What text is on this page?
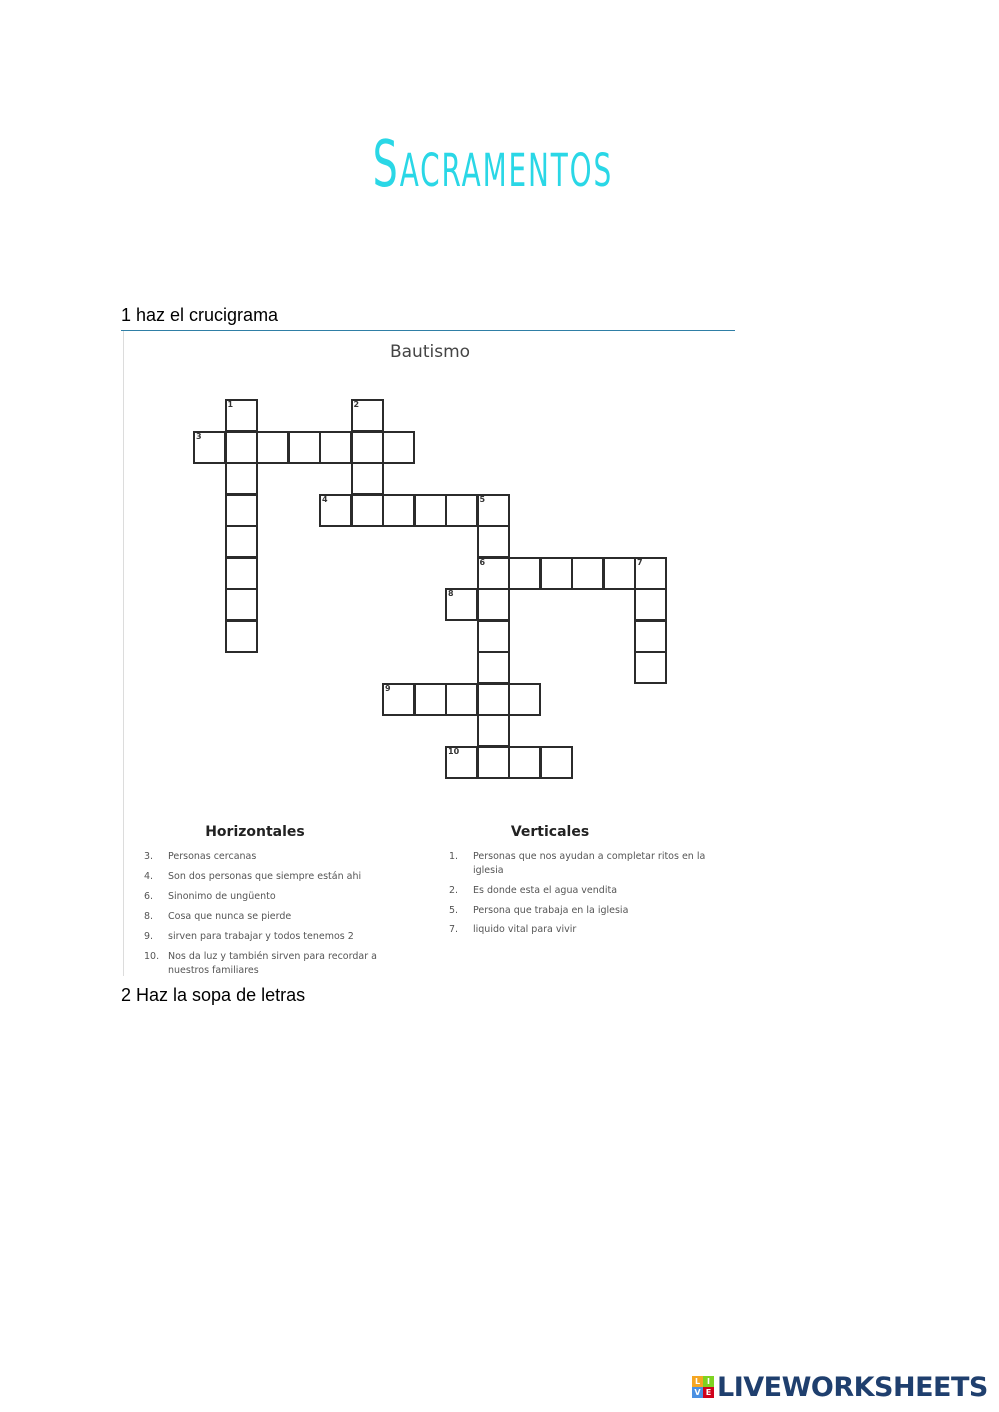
Sacramentos
1 haz el crucigrama
Bautismo
1	2
3
4	5
6	7
8
9
10
Horizontales	Verticales
3. Personas cercanas
4. Son dos personas que siempre están ahi
6. Sinonimo de ungüento
8. Cosa que nunca se pierde
9. sirven para trabajar y todos tenemos 2
10. Nos da luz y también sirven para recordar a nuestros familiares
1. Personas que nos ayudan a completar ritos en la iglesia
2. Es donde esta el agua vendita
5. Persona que trabaja en la iglesia
7. liquido vital para vivir
2 Haz la sopa de letras
L I
V E LIVEWORKSHEETS
